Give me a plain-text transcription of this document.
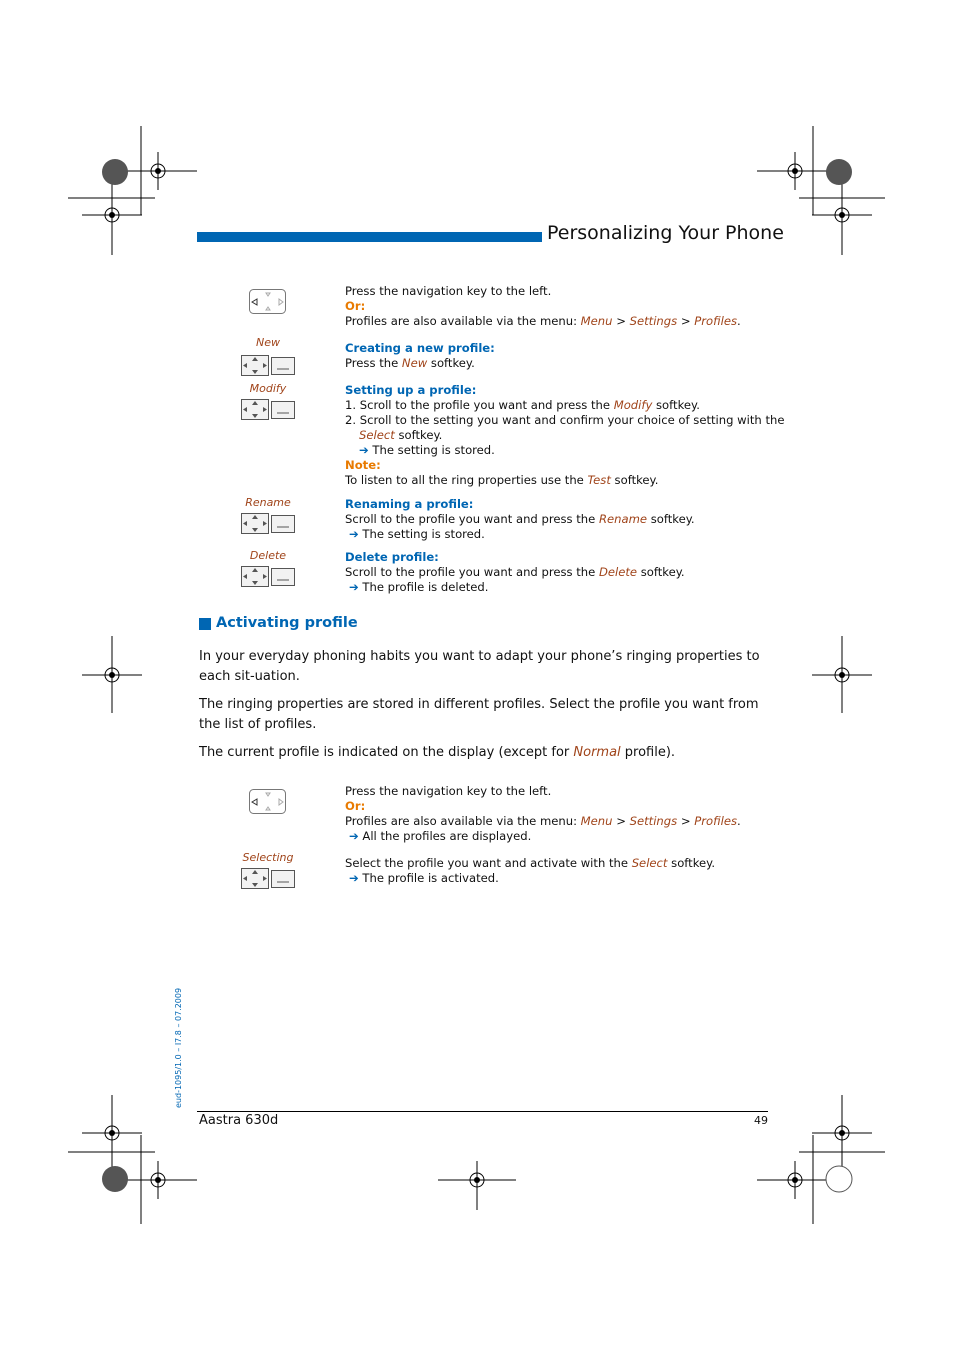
Personalizing Your Phone
Press the navigation key to the left.
Or:
Profiles are also available via the menu: Menu > Settings > Profiles.
New	Creating a new profile:
Press the New softkey.
Modify	Setting up a profile:
1. Scroll to the profile you want and press the Modify softkey.
2. Scroll to the setting you want and confirm your choice of setting with the
Select softkey.
➔ The setting is stored.
Note:
To listen to all the ring properties use the Test softkey.
Rename	Renaming a profile:
Scroll to the profile you want and press the Rename softkey.
➔ The setting is stored.
Delete	Delete profile:
Scroll to the profile you want and press the Delete softkey.
➔ The profile is deleted.
Activating profile
In your everyday phoning habits you want to adapt your phone’s ringing properties to each sit-uation.
The ringing properties are stored in different profiles. Select the profile you want from the list of profiles.
The current profile is indicated on the display (except for Normal profile).
Press the navigation key to the left.
Or:
Profiles are also available via the menu: Menu > Settings > Profiles.
➔ All the profiles are displayed.
Selecting	Select the profile you want and activate with the Select softkey.
➔ The profile is activated.
eud-1095/1.0 – I7.8 – 07.2009
Aastra 630d	49
